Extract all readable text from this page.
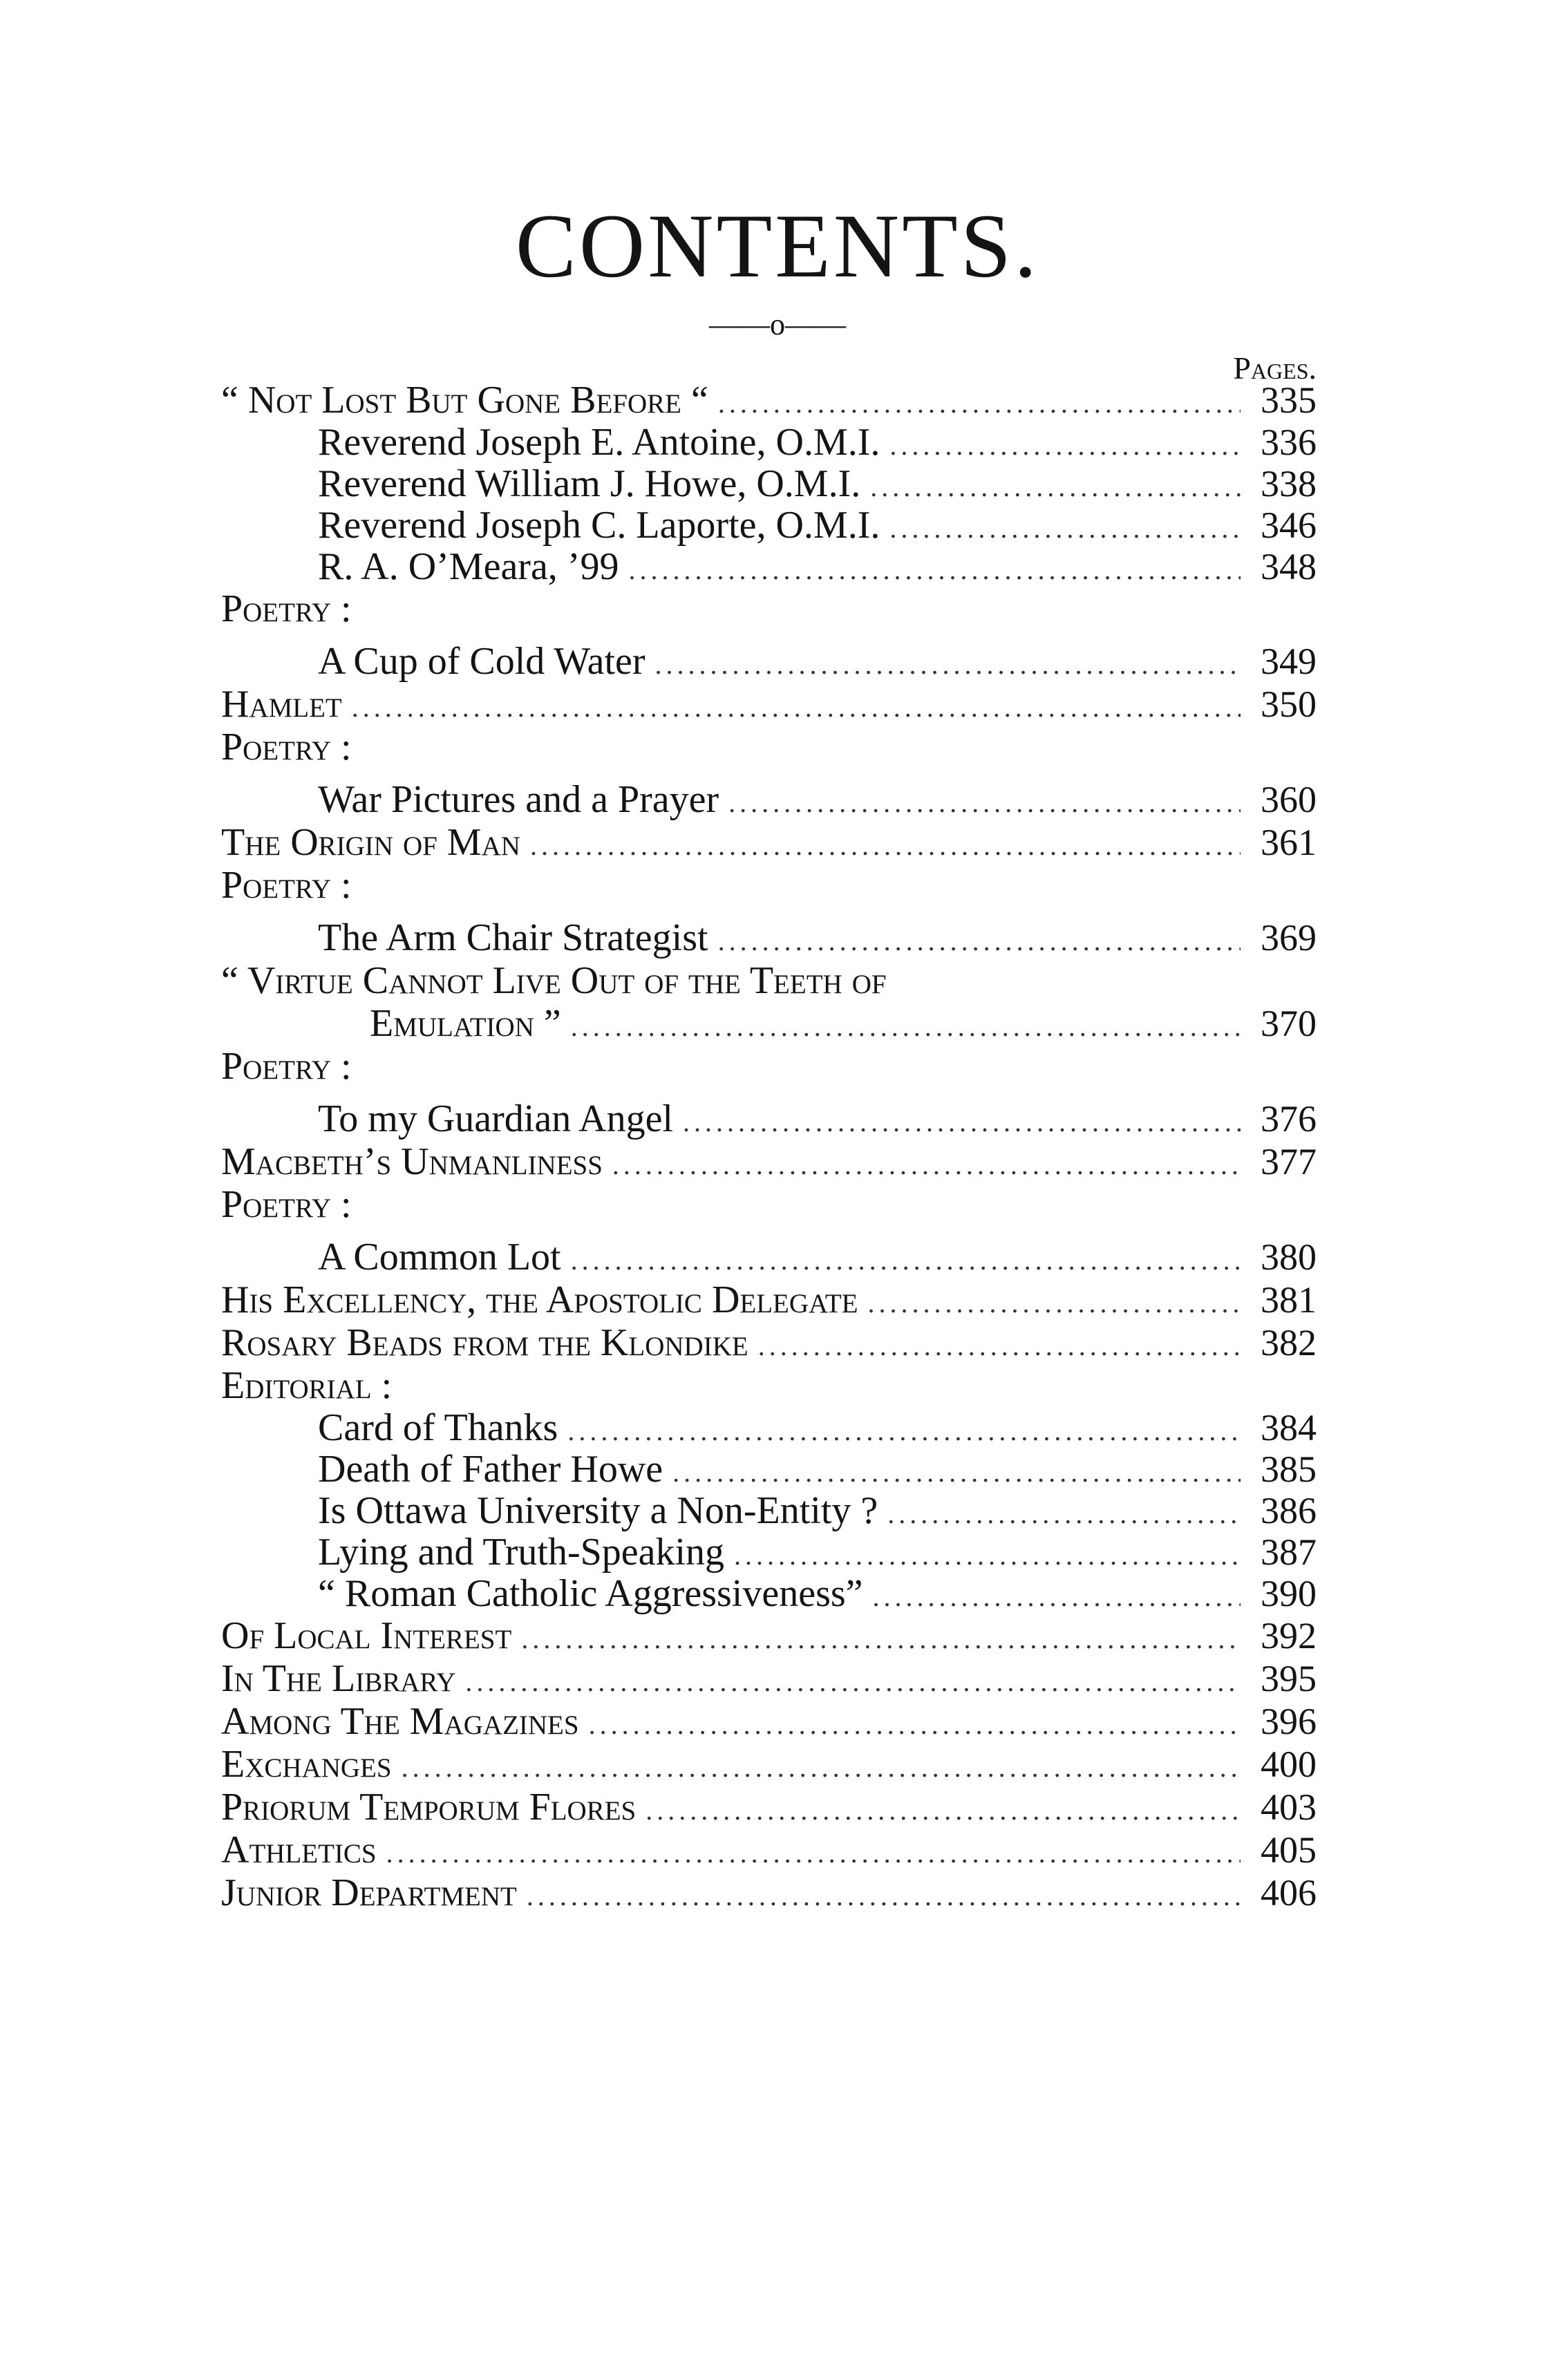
CONTENTS.
——o——
Pages.
“ Not Lost But Gone Before “ .....	335
Reverend Joseph E. Antoine, O.M.I. .....	336
Reverend William J. Howe, O.M.I. .....	338
Reverend Joseph C. Laporte, O.M.I. .....	346
R. A. O’Meara, ’99 .....	348
Poetry :
A Cup of Cold Water .....	349
Hamlet .....	350
Poetry :
War Pictures and a Prayer .....	360
The Origin of Man .....	361
Poetry :
The Arm Chair Strategist .....	369
“ Virtue Cannot Live Out of the Teeth of
Emulation ” .....	370
Poetry :
To my Guardian Angel .....	376
Macbeth’s Unmanliness .....	377
Poetry :
A Common Lot .....	380
His Excellency, the Apostolic Delegate .....	381
Rosary Beads from the Klondike .....	382
Editorial :
Card of Thanks .....	384
Death of Father Howe .....	385
Is Ottawa University a Non-Entity ? .....	386
Lying and Truth-Speaking .....	387
“ Roman Catholic Aggressiveness” .....	390
Of Local Interest .....	392
In The Library .....	395
Among The Magazines .....	396
Exchanges .....	400
Priorum Temporum Flores .....	403
Athletics .....	405
Junior Department .....	406
